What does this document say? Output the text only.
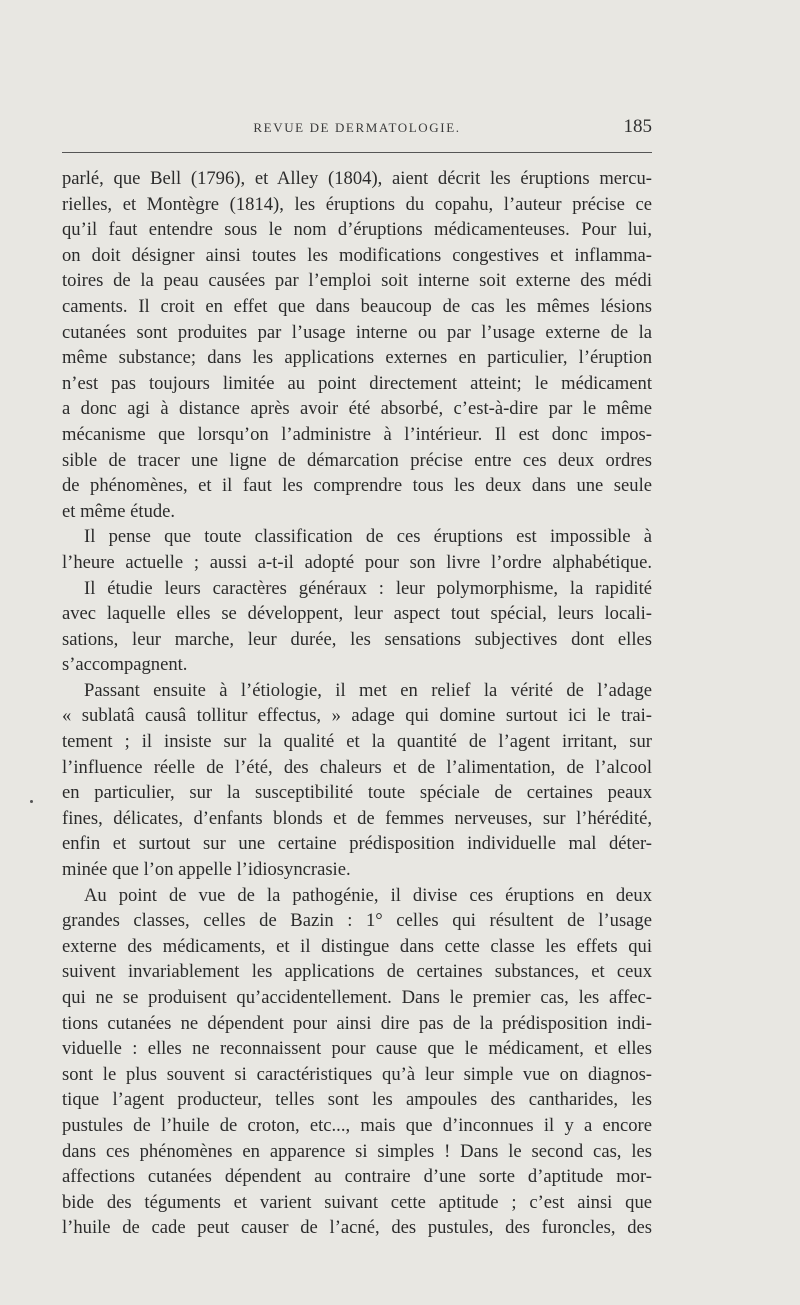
REVUE DE DERMATOLOGIE.	185
parlé, que Bell (1796), et Alley (1804), aient décrit les éruptions mercu-
rielles, et Montègre (1814), les éruptions du copahu, l’auteur précise ce
qu’il faut entendre sous le nom d’éruptions médicamenteuses. Pour lui,
on doit désigner ainsi toutes les modifications congestives et inflamma-
toires de la peau causées par l’emploi soit interne soit externe des médi
caments. Il croit en effet que dans beaucoup de cas les mêmes lésions
cutanées sont produites par l’usage interne ou par l’usage externe de la
même substance; dans les applications externes en particulier, l’éruption
n’est pas toujours limitée au point directement atteint; le médicament
a donc agi à distance après avoir été absorbé, c’est-à-dire par le même
mécanisme que lorsqu’on l’administre à l’intérieur. Il est donc impos-
sible de tracer une ligne de démarcation précise entre ces deux ordres
de phénomènes, et il faut les comprendre tous les deux dans une seule
et même étude.
Il pense que toute classification de ces éruptions est impossible à
l’heure actuelle ; aussi a-t-il adopté pour son livre l’ordre alphabétique.
Il étudie leurs caractères généraux : leur polymorphisme, la rapidité
avec laquelle elles se développent, leur aspect tout spécial, leurs locali-
sations, leur marche, leur durée, les sensations subjectives dont elles
s’accompagnent.
Passant ensuite à l’étiologie, il met en relief la vérité de l’adage
« sublatâ causâ tollitur effectus, » adage qui domine surtout ici le trai-
tement ; il insiste sur la qualité et la quantité de l’agent irritant, sur
l’influence réelle de l’été, des chaleurs et de l’alimentation, de l’alcool
en particulier, sur la susceptibilité toute spéciale de certaines peaux
fines, délicates, d’enfants blonds et de femmes nerveuses, sur l’hérédité,
enfin et surtout sur une certaine prédisposition individuelle mal déter-
minée que l’on appelle l’idiosyncrasie.
Au point de vue de la pathogénie, il divise ces éruptions en deux
grandes classes, celles de Bazin : 1° celles qui résultent de l’usage
externe des médicaments, et il distingue dans cette classe les effets qui
suivent invariablement les applications de certaines substances, et ceux
qui ne se produisent qu’accidentellement. Dans le premier cas, les affec-
tions cutanées ne dépendent pour ainsi dire pas de la prédisposition indi-
viduelle : elles ne reconnaissent pour cause que le médicament, et elles
sont le plus souvent si caractéristiques qu’à leur simple vue on diagnos-
tique l’agent producteur, telles sont les ampoules des cantharides, les
pustules de l’huile de croton, etc..., mais que d’inconnues il y a encore
dans ces phénomènes en apparence si simples ! Dans le second cas, les
affections cutanées dépendent au contraire d’une sorte d’aptitude mor-
bide des téguments et varient suivant cette aptitude ; c’est ainsi que
l’huile de cade peut causer de l’acné, des pustules, des furoncles, des
